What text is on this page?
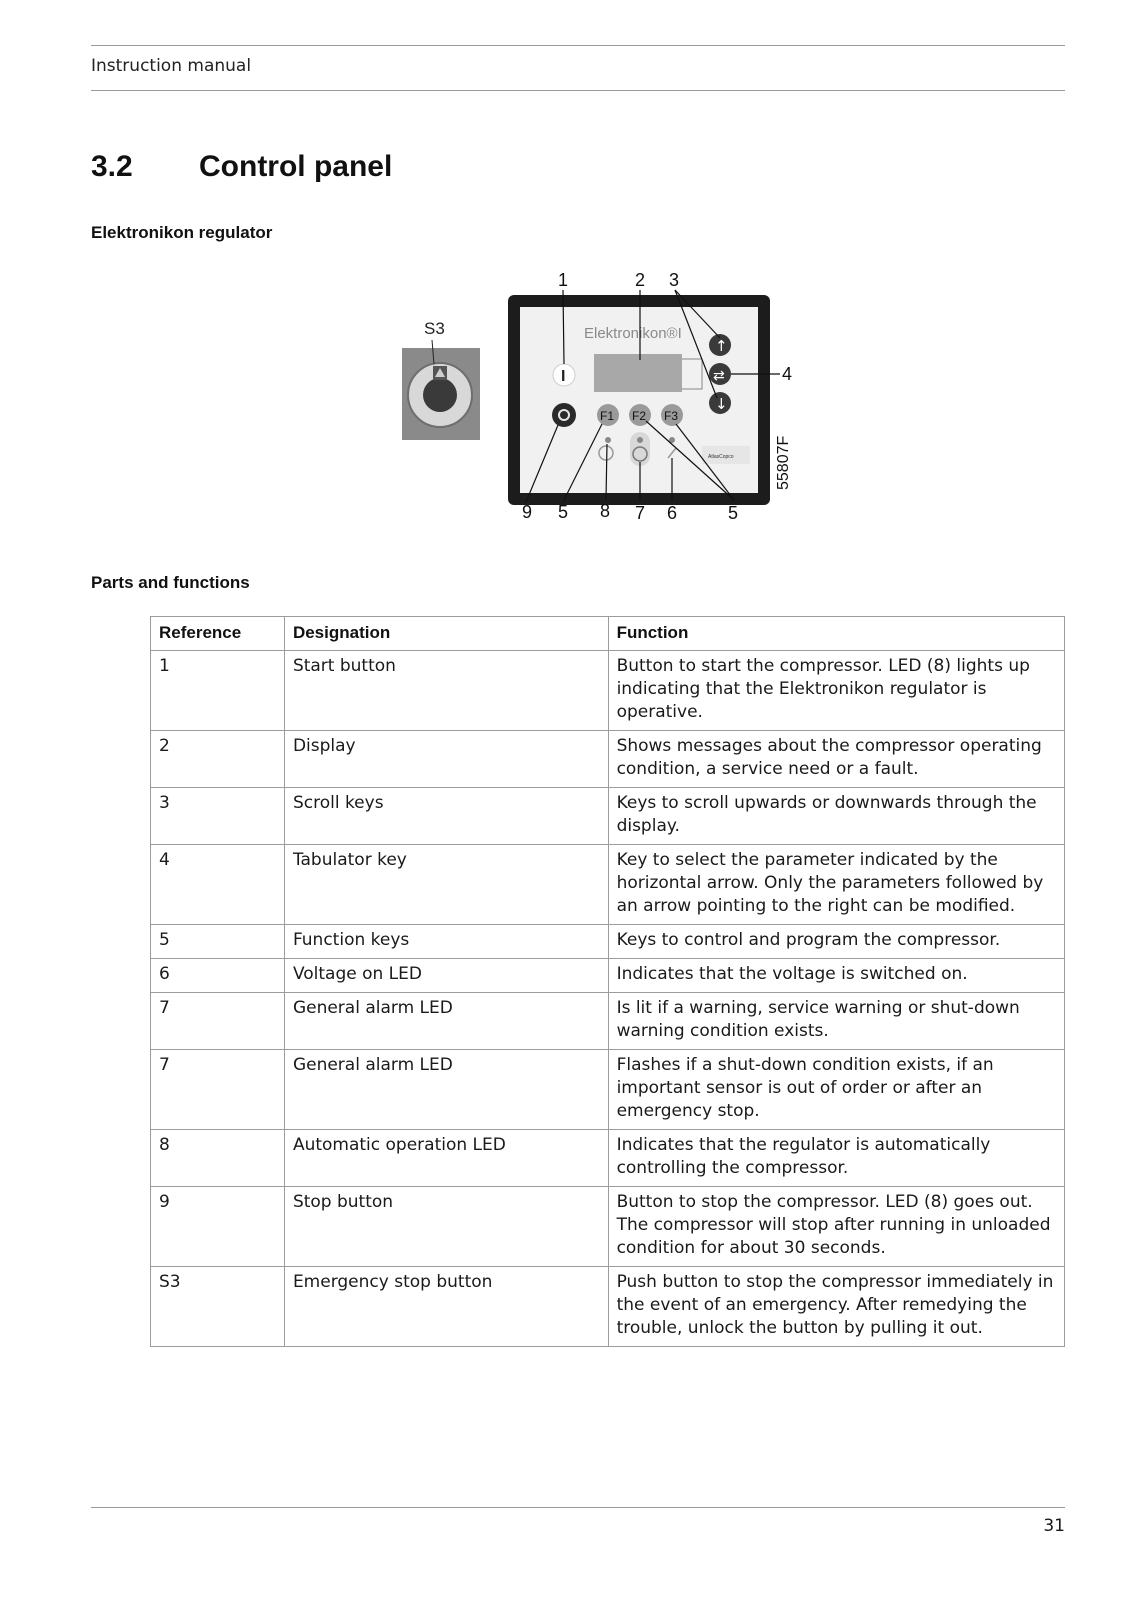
Instruction manual
3.2 Control panel
Elektronikon regulator
S3	Elektronikon®I
I
↑
⇄
↓
F1 F2 F3
AtlasCopco	55807F
1	2 3
4
9 5 8 7 6	5
Parts and functions
Reference	Designation	Function
1	Start button	Button to start the compressor. LED (8) lights up indicating that the Elektronikon regulator is operative.
2	Display	Shows messages about the compressor operating condition, a service need or a fault.
3	Scroll keys	Keys to scroll upwards or downwards through the display.
4	Tabulator key	Key to select the parameter indicated by the horizontal arrow. Only the parameters followed by an arrow pointing to the right can be modified.
5	Function keys	Keys to control and program the compressor.
6	Voltage on LED	Indicates that the voltage is switched on.
7	General alarm LED	Is lit if a warning, service warning or shut-down warning condition exists.
7	General alarm LED	Flashes if a shut-down condition exists, if an important sensor is out of order or after an emergency stop.
8	Automatic operation LED	Indicates that the regulator is automatically controlling the compressor.
9	Stop button	Button to stop the compressor. LED (8) goes out. The compressor will stop after running in unloaded condition for about 30 seconds.
S3	Emergency stop button	Push button to stop the compressor immediately in the event of an emergency. After remedying the trouble, unlock the button by pulling it out.
31
